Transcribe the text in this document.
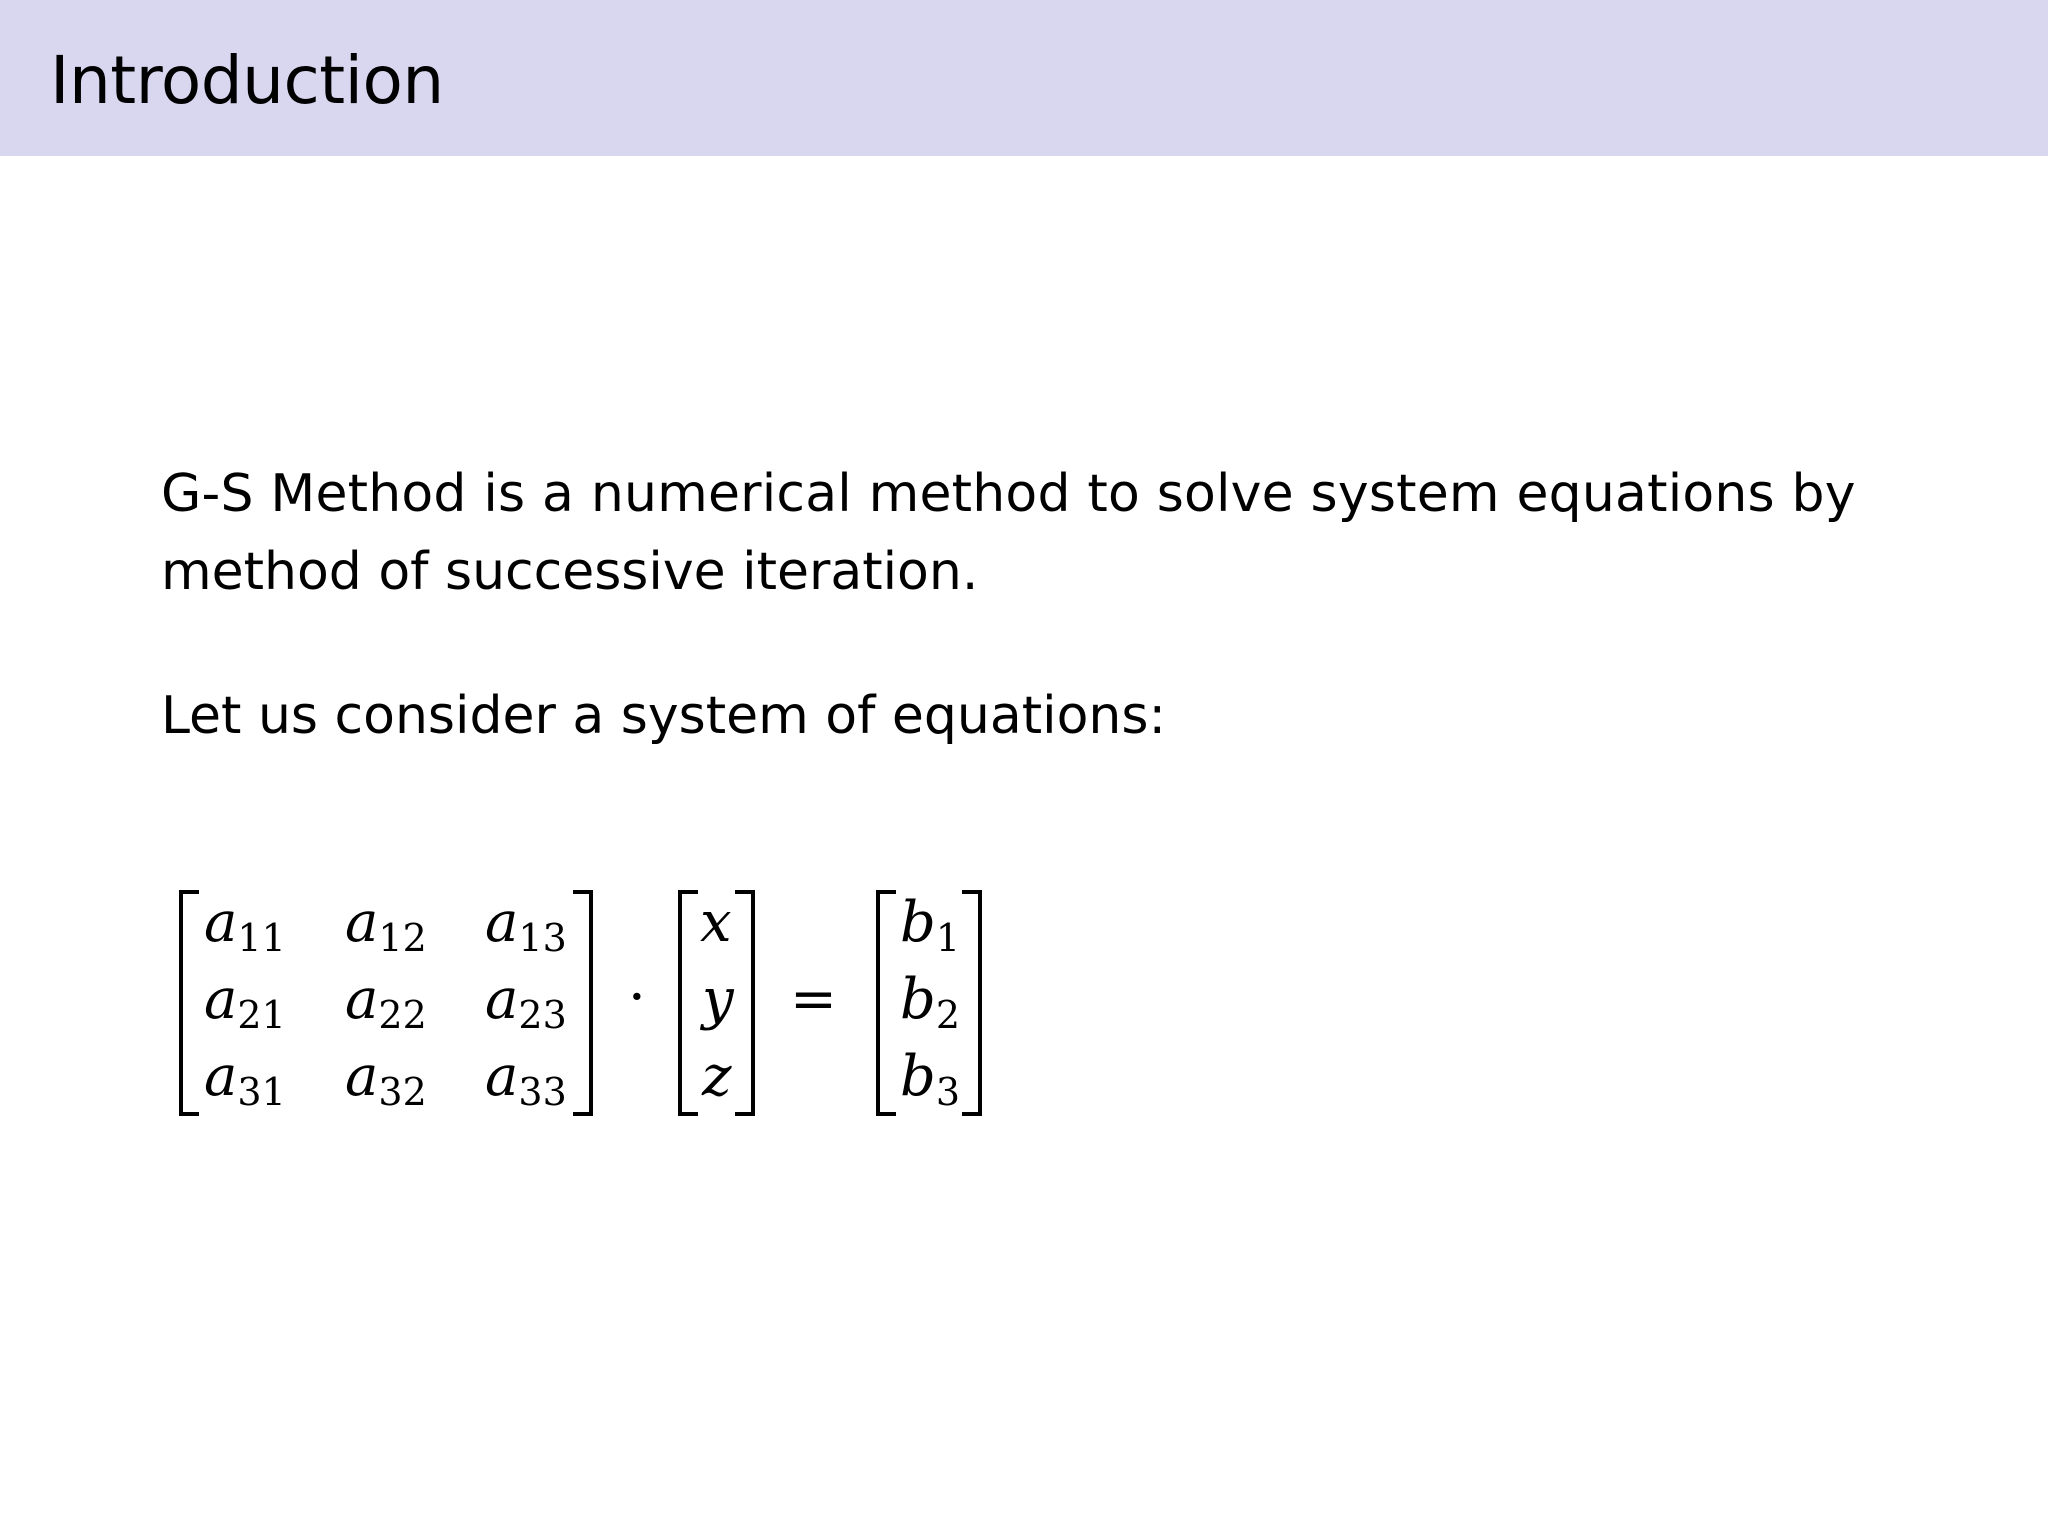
Introduction
G-S Method is a numerical method to solve system equations by
method of successive iteration.
Let us consider a system of equations:
$a_{11}$ $a_{12}$ $a_{13}$
$a_{21}$ $a_{22}$ $a_{23}$
$a_{31}$ $a_{32}$ $a_{33}$
·
x
y
z
=
$b_1$
$b_2$
$b_3$
